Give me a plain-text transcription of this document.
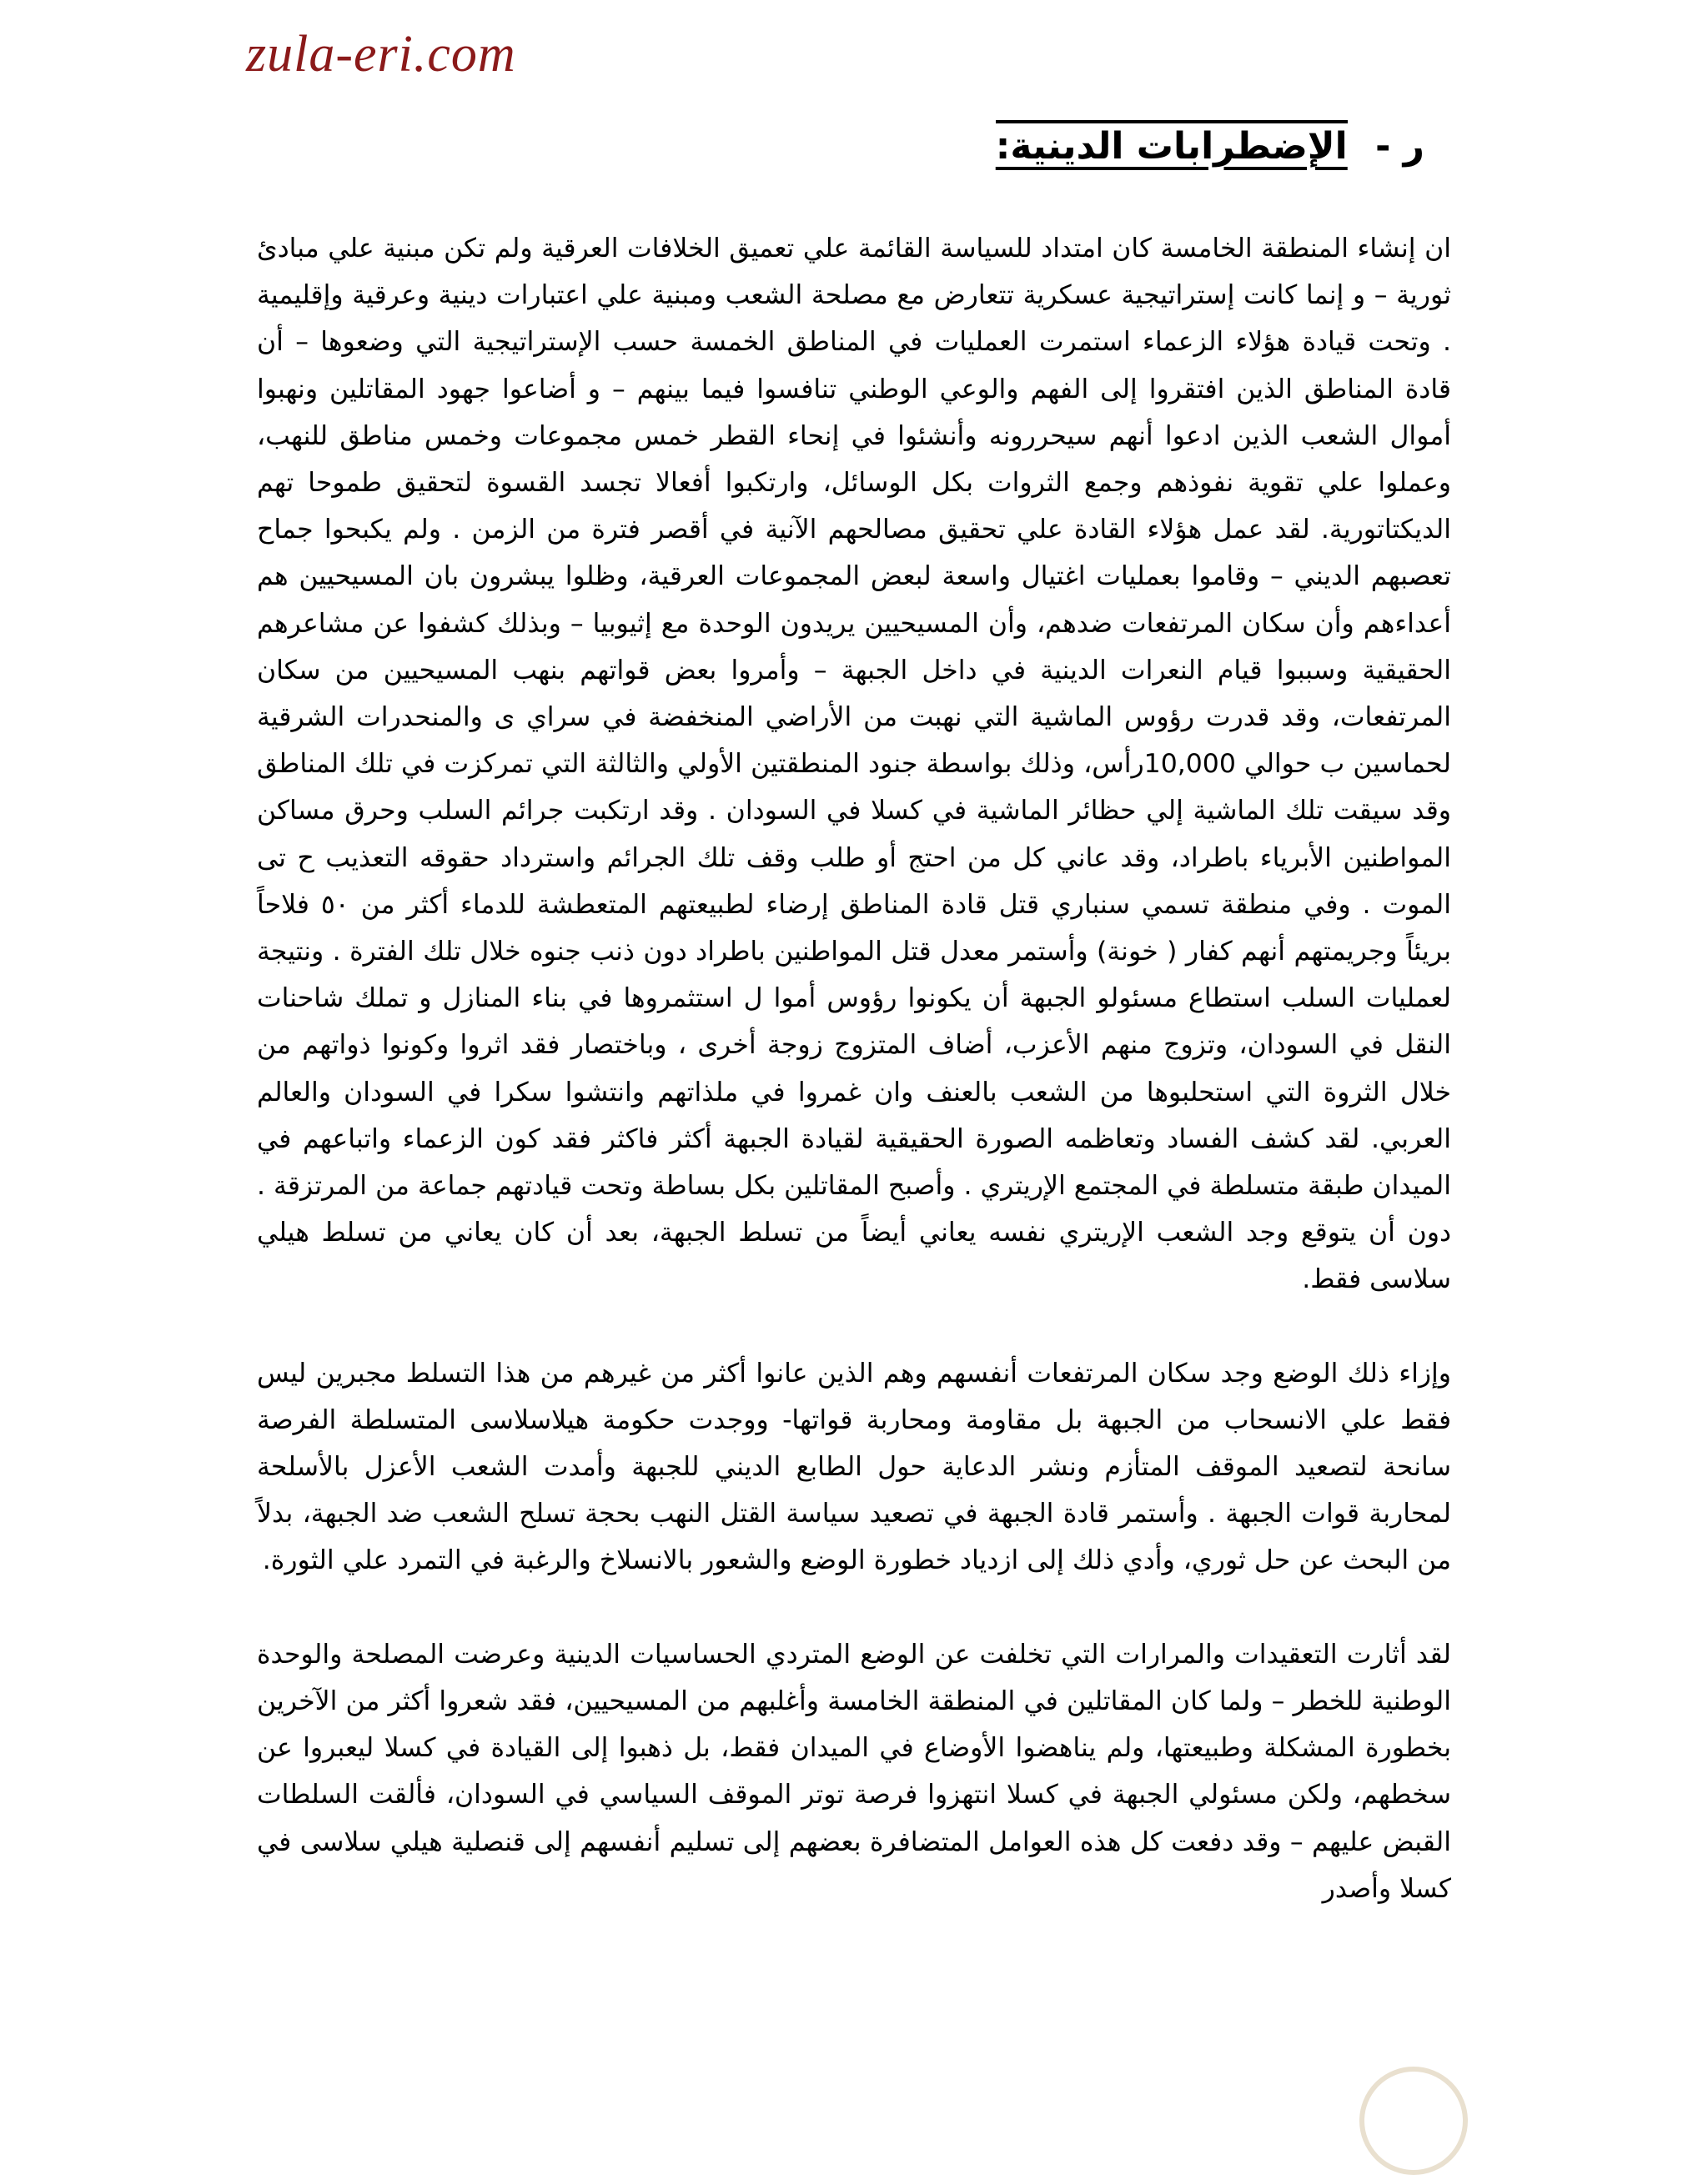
zula-eri.com
ر - الإضطرابات الدينية:

ان إنشاء المنطقة الخامسة كان امتداد للسياسة القائمة علي تعميق الخلافات العرقية ولم تكن مبنية علي مبادئ ثورية – و إنما كانت إستراتيجية عسكرية تتعارض مع مصلحة الشعب ومبنية علي اعتبارات دينية وعرقية وإقليمية . وتحت قيادة هؤلاء الزعماء استمرت العمليات في المناطق الخمسة حسب الإستراتيجية التي وضعوها – أن قادة المناطق الذين افتقروا إلى الفهم والوعي الوطني تنافسوا فيما بينهم – و أضاعوا جهود المقاتلين ونهبوا أموال الشعب الذين ادعوا أنهم سيحررونه وأنشئوا في إنحاء القطر خمس مجموعات وخمس مناطق للنهب، وعملوا علي تقوية نفوذهم وجمع الثروات بكل الوسائل، وارتكبوا أفعالا تجسد القسوة لتحقيق طموحا تهم الديكتاتورية. لقد عمل هؤلاء القادة علي تحقيق مصالحهم الآنية في أقصر فترة من الزمن . ولم يكبحوا جماح تعصبهم الديني – وقاموا بعمليات اغتيال واسعة لبعض المجموعات العرقية، وظلوا يبشرون بان المسيحيين هم أعداءهم وأن سكان المرتفعات ضدهم، وأن المسيحيين يريدون الوحدة مع إثيوبيا – وبذلك كشفوا عن مشاعرهم الحقيقية وسببوا قيام النعرات الدينية في داخل الجبهة – وأمروا بعض قواتهم بنهب المسيحيين من سكان المرتفعات، وقد قدرت رؤوس الماشية التي نهبت من الأراضي المنخفضة في سراي ى والمنحدرات الشرقية لحماسين ب حوالي 10,000رأس، وذلك بواسطة جنود المنطقتين الأولي والثالثة التي تمركزت في تلك المناطق وقد سيقت تلك الماشية إلي حظائر الماشية في كسلا في السودان . وقد ارتكبت جرائم السلب وحرق مساكن المواطنين الأبرياء باطراد، وقد عاني كل من احتج أو طلب وقف تلك الجرائم واسترداد حقوقه التعذيب ح تى الموت . وفي منطقة تسمي سنباري قتل قادة المناطق إرضاء لطبيعتهم المتعطشة للدماء أكثر من ٥٠ فلاحاً بريئاً وجريمتهم أنهم كفار ( خونة) وأستمر معدل قتل المواطنين باطراد دون ذنب جنوه خلال تلك الفترة . ونتيجة لعمليات السلب استطاع مسئولو الجبهة أن يكونوا رؤوس أموا ل استثمروها في بناء المنازل و تملك شاحنات النقل في السودان، وتزوج منهم الأعزب، أضاف المتزوج زوجة أخرى ، وباختصار فقد اثروا وكونوا ذواتهم من خلال الثروة التي استحلبوها من الشعب بالعنف وان غمروا في ملذاتهم وانتشوا سكرا في السودان والعالم العربي. لقد كشف الفساد وتعاظمه الصورة الحقيقية لقيادة الجبهة أكثر فاكثر فقد كون الزعماء واتباعهم في الميدان طبقة متسلطة في المجتمع الإريتري . وأصبح المقاتلين بكل بساطة وتحت قيادتهم جماعة من المرتزقة . دون أن يتوقع وجد الشعب الإريتري نفسه يعاني أيضاً من تسلط الجبهة، بعد أن كان يعاني من تسلط هيلي سلاسى فقط.

وإزاء ذلك الوضع وجد سكان المرتفعات أنفسهم وهم الذين عانوا أكثر من غيرهم من هذا التسلط مجبرين ليس فقط علي الانسحاب من الجبهة بل مقاومة ومحاربة قواتها- ووجدت حكومة هيلاسلاسى المتسلطة الفرصة سانحة لتصعيد الموقف المتأزم ونشر الدعاية حول الطابع الديني للجبهة وأمدت الشعب الأعزل بالأسلحة لمحاربة قوات الجبهة . وأستمر قادة الجبهة في تصعيد سياسة القتل النهب بحجة تسلح الشعب ضد الجبهة، بدلاً من البحث عن حل ثوري، وأدي ذلك إلى ازدياد خطورة الوضع والشعور بالانسلاخ والرغبة في التمرد علي الثورة.

لقد أثارت التعقيدات والمرارات التي تخلفت عن الوضع المتردي الحساسيات الدينية وعرضت المصلحة والوحدة الوطنية للخطر – ولما كان المقاتلين في المنطقة الخامسة وأغلبهم من المسيحيين، فقد شعروا أكثر من الآخرين بخطورة المشكلة وطبيعتها، ولم يناهضوا الأوضاع في الميدان فقط، بل ذهبوا إلى القيادة في كسلا ليعبروا عن سخطهم، ولكن مسئولي الجبهة في كسلا انتهزوا فرصة توتر الموقف السياسي في السودان، فألقت السلطات القبض عليهم – وقد دفعت كل هذه العوامل المتضافرة بعضهم إلى تسليم أنفسهم إلى قنصلية هيلي سلاسى في كسلا وأصدر
